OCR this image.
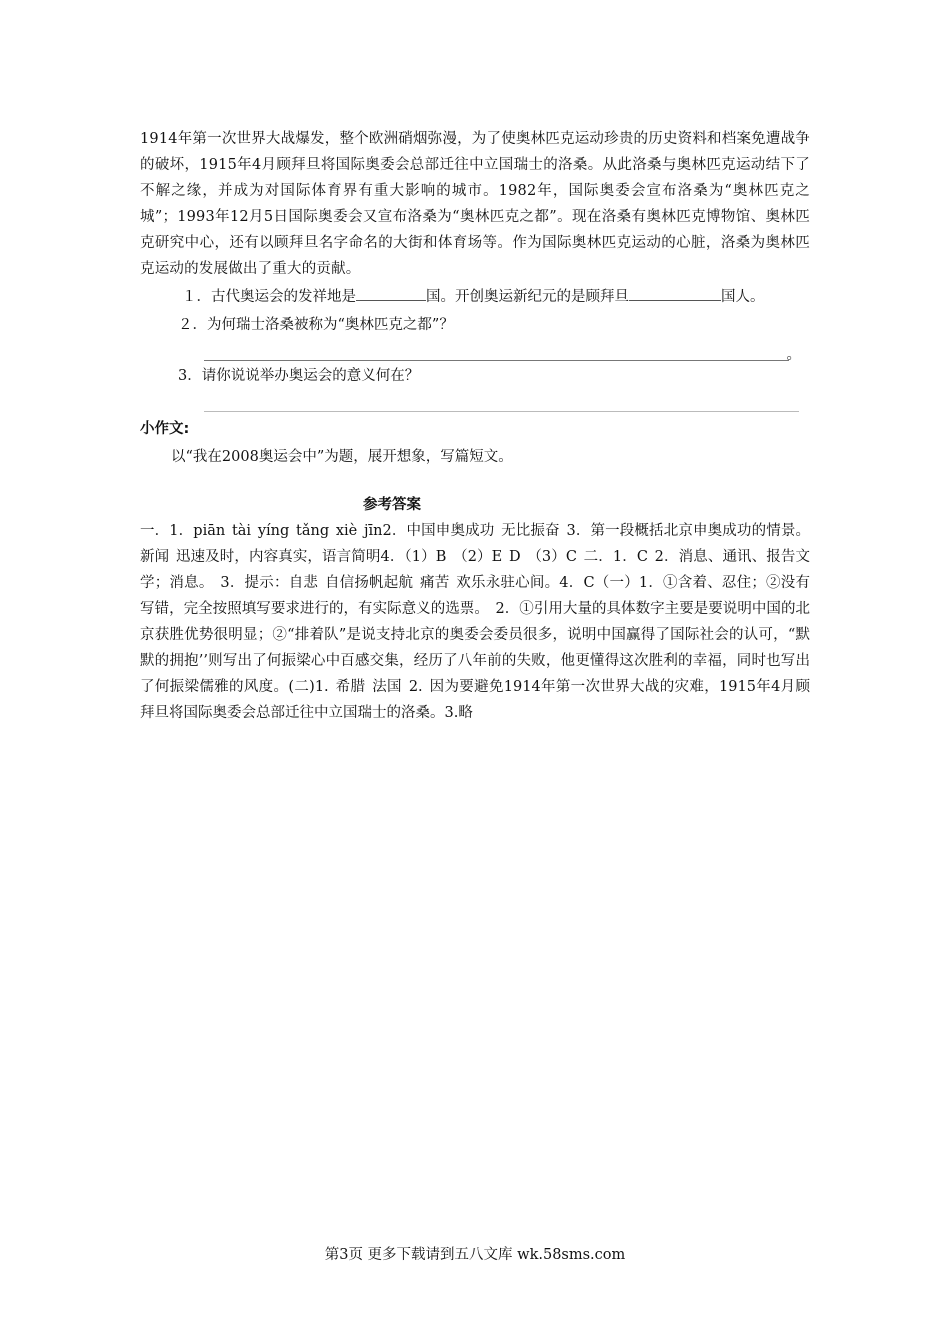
1914年第一次世界大战爆发，整个欧洲硝烟弥漫，为了使奥林匹克运动珍贵的历史资料和档案免遭战争的破坏，1915年4月顾拜旦将国际奥委会总部迁往中立国瑞士的洛桑。从此洛桑与奥林匹克运动结下了不解之缘，并成为对国际体育界有重大影响的城市。1982年，国际奥委会宣布洛桑为“奥林匹克之城”；1993年12月5日国际奥委会又宣布洛桑为“奥林匹克之都”。现在洛桑有奥林匹克博物馆、奥林匹克研究中心，还有以顾拜旦名字命名的大街和体育场等。作为国际奥林匹克运动的心脏，洛桑为奥林匹克运动的发展做出了重大的贡献。

１．古代奥运会的发祥地是	国。开创奥运新纪元的是顾拜旦	国人。

２．为何瑞士洛桑被称为“奥林匹克之都”？

。

3．请你说说举办奥运会的意义何在？

小作文:

以“我在2008奥运会中”为题，展开想象，写篇短文。

参考答案

一．1．piān tài yíng tǎng xiè jīn2．中国申奥成功 无比振奋 3．第一段概括北京申奥成功的情景。新闻 迅速及时，内容真实，语言简明4．（1）B （2）E D （3）C 二．1．C 2．消息、通讯、报告文学；消息。 3．提示：自悲 自信扬帆起航 痛苦 欢乐永驻心间。4．C（一）1．①含着、忍住；②没有写错，完全按照填写要求进行的，有实际意义的选票。 2．①引用大量的具体数字主要是要说明中国的北京获胜优势很明显；②“排着队”是说支持北京的奥委会委员很多，说明中国赢得了国际社会的认可，“默默的拥抱’’则写出了何振梁心中百感交集，经历了八年前的失败，他更懂得这次胜利的幸福，同时也写出了何振梁儒雅的风度。(二)1. 希腊 法国 2. 因为要避免1914年第一次世界大战的灾难，1915年4月顾拜旦将国际奥委会总部迁往中立国瑞士的洛桑。3.略

第3页 更多下载请到五八文库 wk.58sms.com
